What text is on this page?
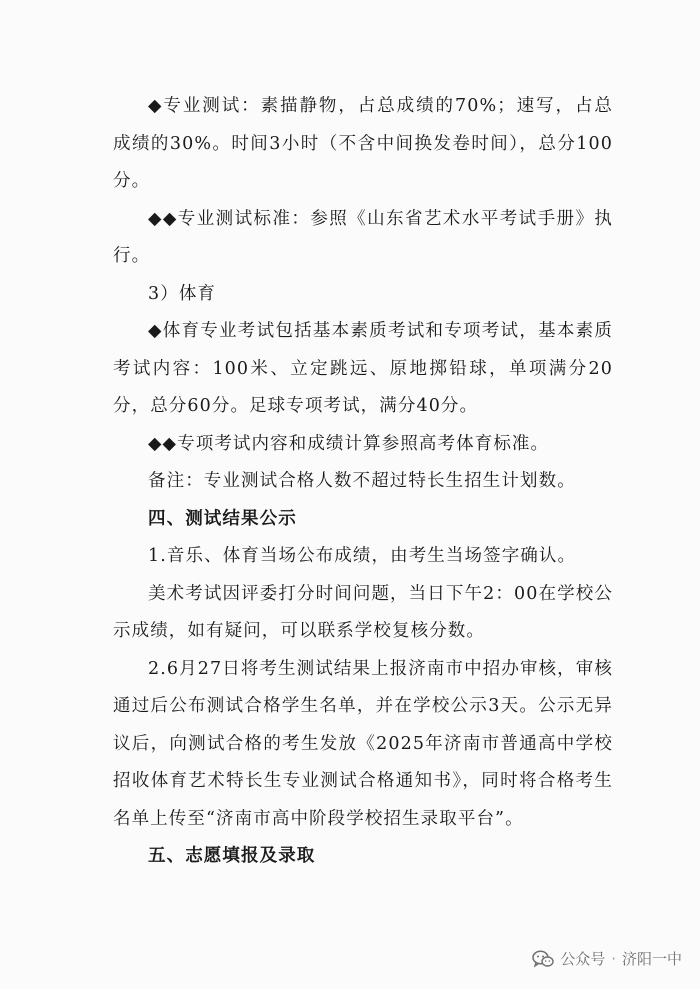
◆专业测试：素描静物，占总成绩的70%；速写，占总成绩的30%。时间3小时（不含中间换发卷时间），总分100分。

◆◆专业测试标准：参照《山东省艺术水平考试手册》执行。

3）体育

◆体育专业考试包括基本素质考试和专项考试，基本素质考试内容：100米、立定跳远、原地掷铅球，单项满分20分，总分60分。足球专项考试，满分40分。

◆◆专项考试内容和成绩计算参照高考体育标准。

备注：专业测试合格人数不超过特长生招生计划数。

四、测试结果公示

1.音乐、体育当场公布成绩，由考生当场签字确认。

美术考试因评委打分时间问题，当日下午2：00在学校公示成绩，如有疑问，可以联系学校复核分数。

2.6月27日将考生测试结果上报济南市中招办审核，审核通过后公布测试合格学生名单，并在学校公示3天。公示无异议后，向测试合格的考生发放《2025年济南市普通高中学校招收体育艺术特长生专业测试合格通知书》，同时将合格考生名单上传至“济南市高中阶段学校招生录取平台”。

五、志愿填报及录取

公众号 · 济阳一中
